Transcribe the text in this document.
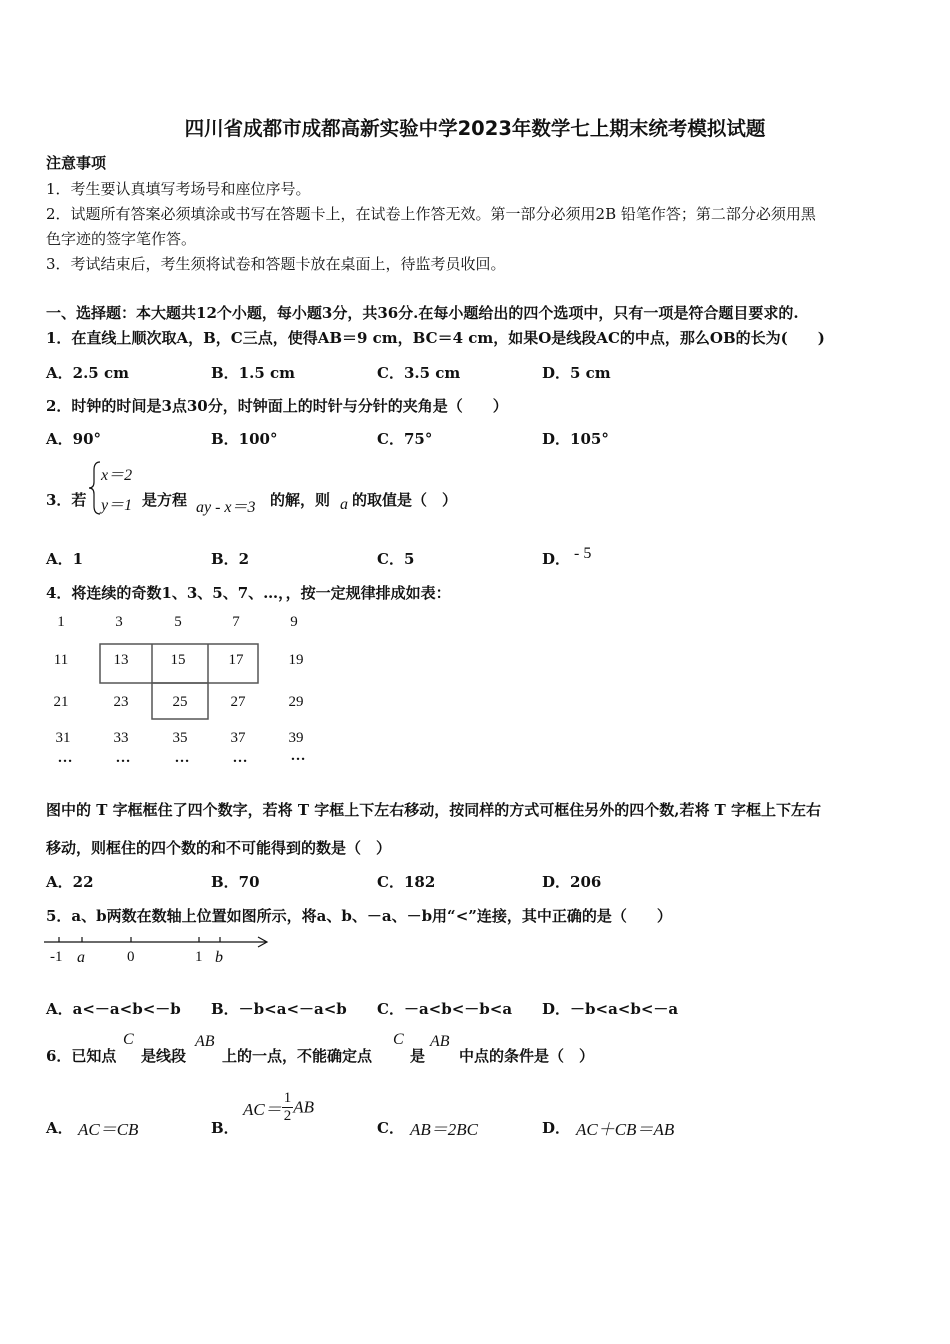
四川省成都市成都高新实验中学2023年数学七上期末统考模拟试题
注意事项
1．考生要认真填写考场号和座位序号。
2．试题所有答案必须填涂或书写在答题卡上，在试卷上作答无效。第一部分必须用2B 铅笔作答；第二部分必须用黑
色字迹的签字笔作答。
3．考试结束后，考生须将试卷和答题卡放在桌面上，待监考员收回。
一、选择题：本大题共12个小题，每小题3分，共36分.在每小题给出的四个选项中，只有一项是符合题目要求的.
1．在直线上顺次取A，B，C三点，使得AB＝9 cm，BC＝4 cm，如果O是线段AC的中点，那么OB的长为(　　)
A．2.5 cm	B．1.5 cm	C．3.5 cm	D．5 cm
2．时钟的时间是3点30分，时钟面上的时针与分针的夹角是（　　）
A．90°	B．100°	C．75°	D．105°
3．若
x＝2
y＝1 是方程 ay - x＝3 的解，则 a 的取值是（　）
A．1	B．2	C．5	D． - 5
4．将连续的奇数1、3、5、7、…，，按一定规律排成如表：
1	3	5	7	9
11	13	15	17	19
21	23	25	27	29
31	33	35	37	39
…	…	…	…	…
图中的 T 字框框住了四个数字，若将 T 字框上下左右移动，按同样的方式可框住另外的四个数,若将 T 字框上下左右
移动，则框住的四个数的和不可能得到的数是（　）
A．22	B．70	C．182	D．206
5．a、b两数在数轴上位置如图所示，将a、b、－a、－b用“<”连接，其中正确的是（　　）
-1 a	0	1 b
A．a<－a<b<－b B．－b<a<－a<b C．－a<b<－b<a D．－b<a<b<－a
6．已知点
C
是线段
AB
上的一点，不能确定点
C
是
AB
中点的条件是（　）
A． AC＝CB	B．
$AC= \frac{1}{2}$ AB
C． AB＝2BC	D． AC＋CB＝AB
